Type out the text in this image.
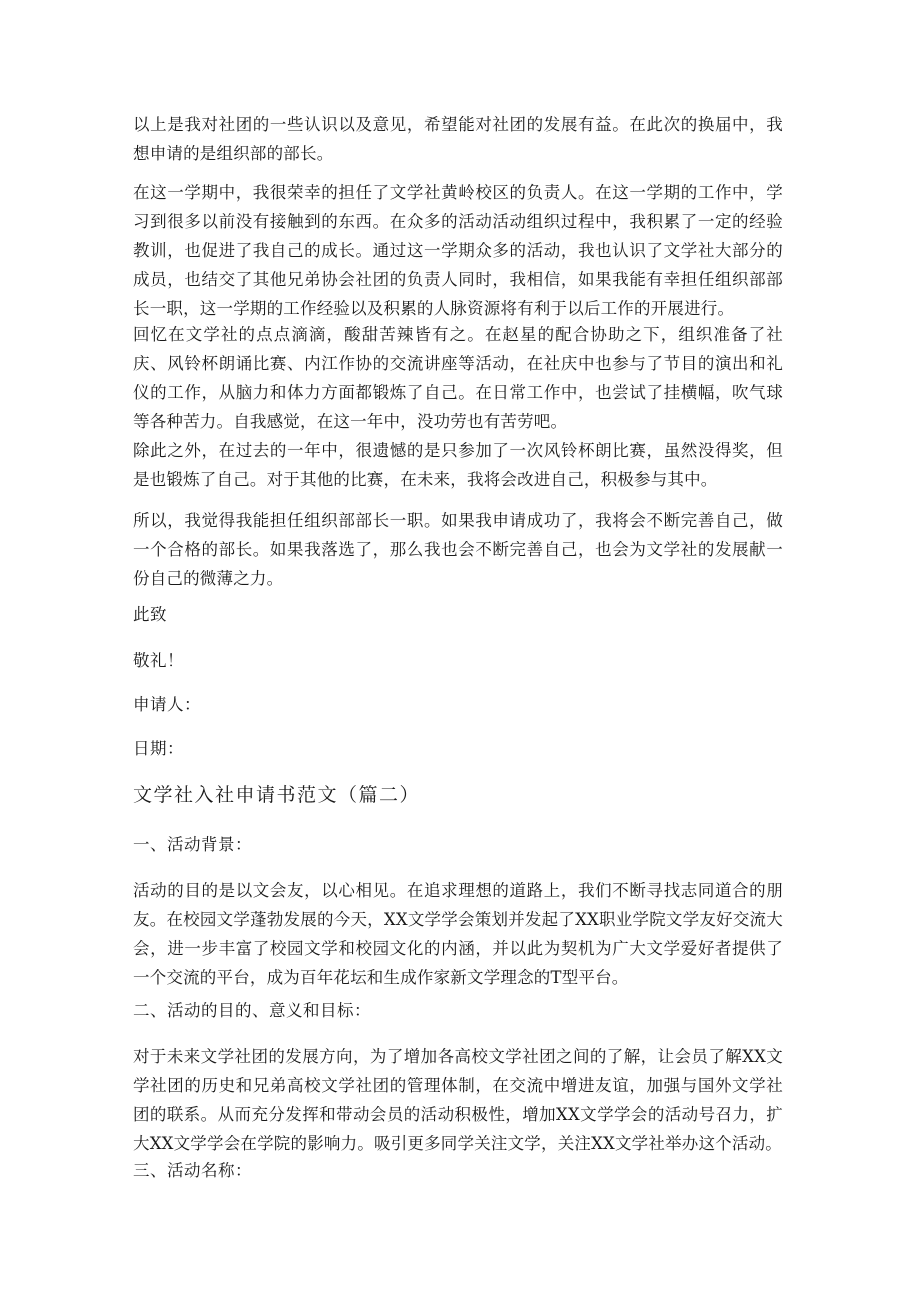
以上是我对社团的一些认识以及意见，希望能对社团的发展有益。在此次的换届中，我想申请的是组织部的部长。

在这一学期中，我很荣幸的担任了文学社黄岭校区的负责人。在这一学期的工作中，学习到很多以前没有接触到的东西。在众多的活动活动组织过程中，我积累了一定的经验教训，也促进了我自己的成长。通过这一学期众多的活动，我也认识了文学社大部分的成员，也结交了其他兄弟协会社团的负责人同时，我相信，如果我能有幸担任组织部部长一职，这一学期的工作经验以及积累的人脉资源将有利于以后工作的开展进行。

回忆在文学社的点点滴滴，酸甜苦辣皆有之。在赵星的配合协助之下，组织准备了社庆、风铃杯朗诵比赛、内江作协的交流讲座等活动，在社庆中也参与了节目的演出和礼仪的工作，从脑力和体力方面都锻炼了自己。在日常工作中，也尝试了挂横幅，吹气球等各种苦力。自我感觉，在这一年中，没功劳也有苦劳吧。

除此之外，在过去的一年中，很遗憾的是只参加了一次风铃杯朗比赛，虽然没得奖，但是也锻炼了自己。对于其他的比赛，在未来，我将会改进自己，积极参与其中。

所以，我觉得我能担任组织部部长一职。如果我申请成功了，我将会不断完善自己，做一个合格的部长。如果我落选了，那么我也会不断完善自己，也会为文学社的发展献一份自己的微薄之力。

此致

敬礼！

申请人：

日期：

文学社入社申请书范文（篇二）
一、活动背景：

活动的目的是以文会友，以心相见。在追求理想的道路上，我们不断寻找志同道合的朋友。在校园文学蓬勃发展的今天，XX文学学会策划并发起了XX职业学院文学友好交流大会，进一步丰富了校园文学和校园文化的内涵，并以此为契机为广大文学爱好者提供了一个交流的平台，成为百年花坛和生成作家新文学理念的T型平台。

二、活动的目的、意义和目标：

对于未来文学社团的发展方向，为了增加各高校文学社团之间的了解，让会员了解XX文学社团的历史和兄弟高校文学社团的管理体制，在交流中增进友谊，加强与国外文学社团的联系。从而充分发挥和带动会员的活动积极性，增加XX文学学会的活动号召力，扩大XX文学学会在学院的影响力。吸引更多同学关注文学，关注XX文学社举办这个活动。

三、活动名称：
